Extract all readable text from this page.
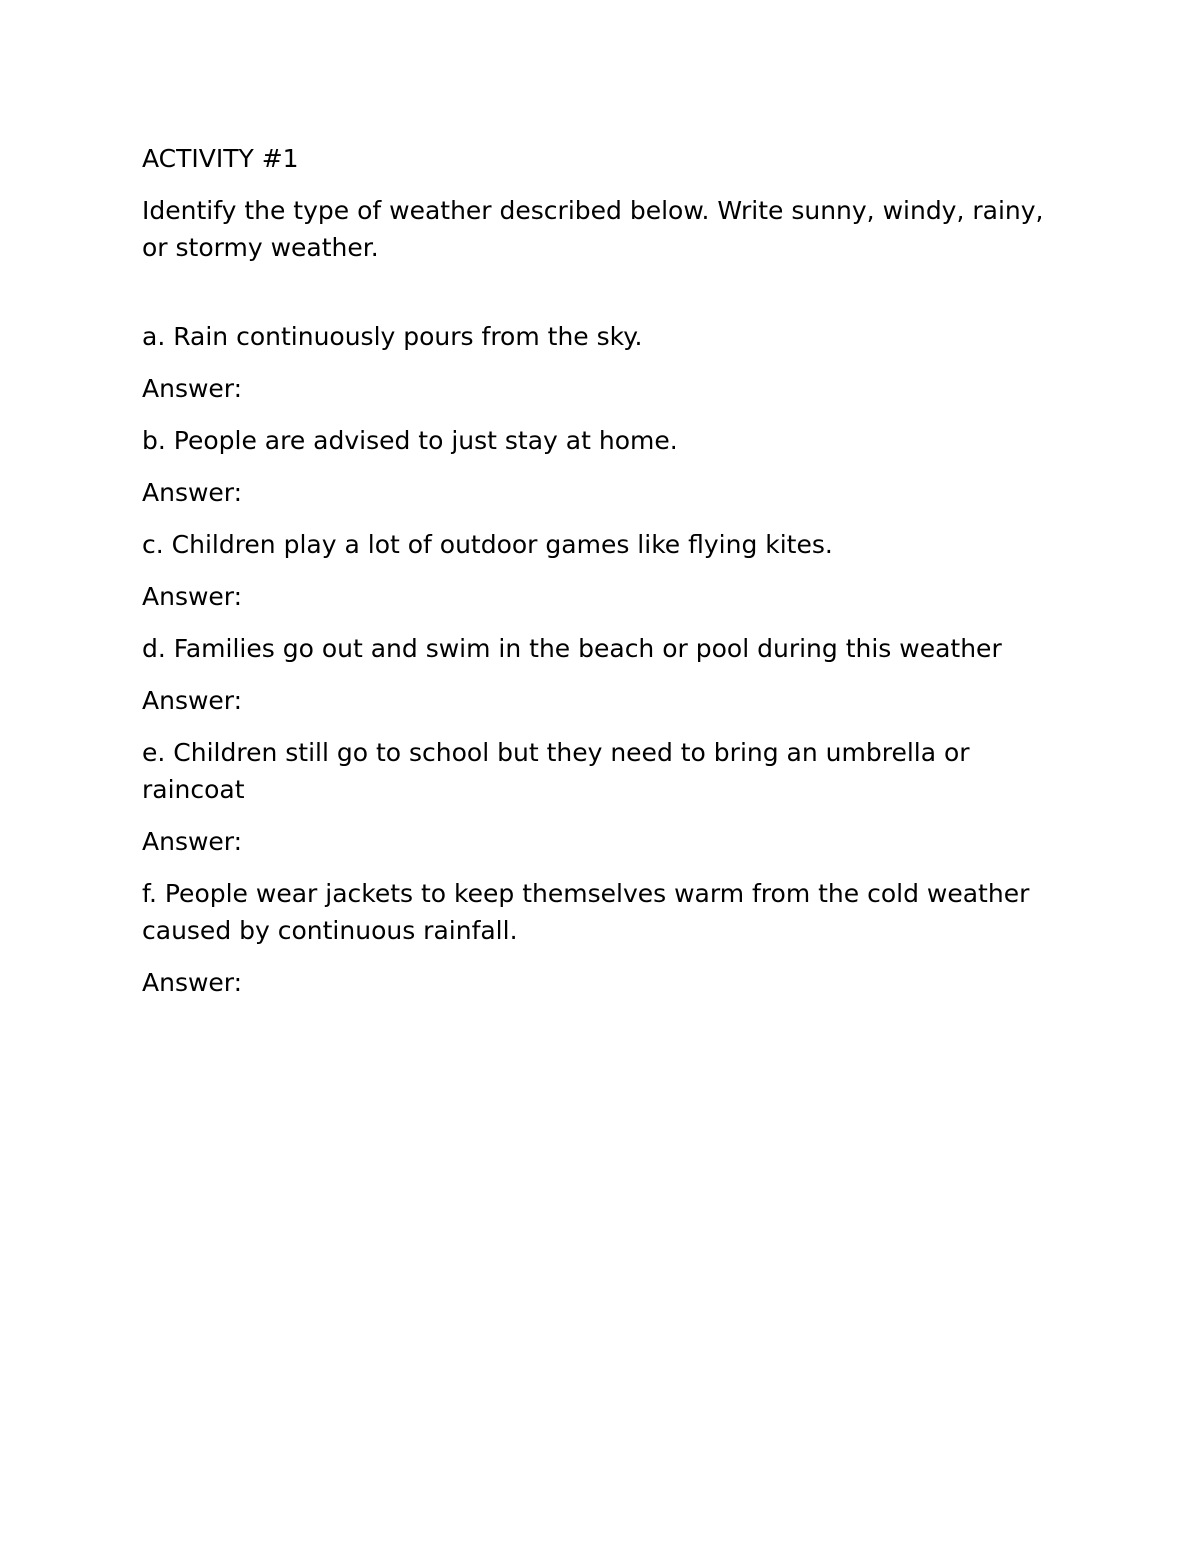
ACTIVITY #1

Identify the type of weather described below. Write sunny, windy, rainy, or stormy weather.

a. Rain continuously pours from the sky.

Answer:

b. People are advised to just stay at home.

Answer:

c. Children play a lot of outdoor games like flying kites.

Answer:

d. Families go out and swim in the beach or pool during this weather

Answer:

e. Children still go to school but they need to bring an umbrella or raincoat

Answer:

f. People wear jackets to keep themselves warm from the cold weather caused by continuous rainfall.

Answer:
